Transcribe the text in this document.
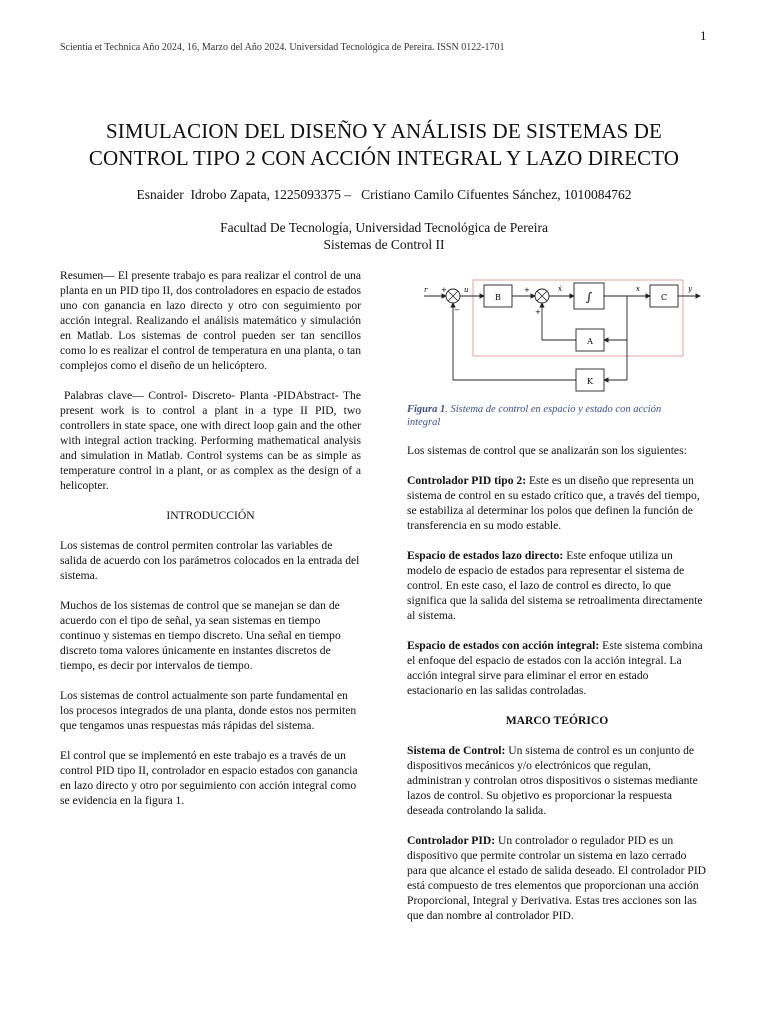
1
Scientia et Technica Año 2024, 16, Marzo del Año 2024. Universidad Tecnológica de Pereira. ISSN 0122-1701
SIMULACION DEL DISEÑO Y ANÁLISIS DE SISTEMAS DE
CONTROL TIPO 2 CON ACCIÓN INTEGRAL Y LAZO DIRECTO
Esnaider  Idrobo Zapata, 1225093375 –   Cristiano Camilo Cifuentes Sánchez, 1010084762
Facultad De Tecnología, Universidad Tecnológica de Pereira
Sistemas de Control II

Resumen— El presente trabajo es para realizar el control de una planta en un PID tipo II, dos controladores en espacio de estados uno con ganancia en lazo directo y otro con seguimiento por acción integral. Realizando el análisis matemático y simulación en Matlab. Los sistemas de control pueden ser tan sencillos como lo es realizar el control de temperatura en una planta, o tan complejos como el diseño de un helicóptero.

Palabras clave— Control- Discreto- Planta -PIDAbstract- The present work is to control a plant in a type II PID, two controllers in state space, one with direct loop gain and the other with integral action tracking. Performing mathematical analysis and simulation in Matlab. Control systems can be as simple as temperature control in a plant, or as complex as the design of a helicopter.

INTRODUCCIÓN

Los sistemas de control permiten controlar las variables de salida de acuerdo con los parámetros colocados en la entrada del sistema.

Muchos de los sistemas de control que se manejan se dan de acuerdo con el tipo de señal, ya sean sistemas en tiempo continuo y sistemas en tiempo discreto. Una señal en tiempo discreto toma valores únicamente en instantes discretos de tiempo, es decir por intervalos de tiempo.

Los sistemas de control actualmente son parte fundamental en los procesos integrados de una planta, donde estos nos permiten que tengamos unas respuestas más rápidas del sistema.

El control que se implementó en este trabajo es a través de un control PID tipo II, controlador en espacio estados con ganancia en lazo directo y otro por seguimiento con acción integral como se evidencia en la figura 1.

r +
−
u
B
+
+
ẋ
∫
x
C
y
A
K
Figura 1. Sistema de control en espacio y estado con acción integral

Los sistemas de control que se analizarán son los siguientes:

Controlador PID tipo 2: Este es un diseño que representa un sistema de control en su estado crítico que, a través del tiempo, se estabiliza al determinar los polos que definen la función de transferencia en su modo estable.

Espacio de estados lazo directo: Este enfoque utiliza un modelo de espacio de estados para representar el sistema de control. En este caso, el lazo de control es directo, lo que significa que la salida del sistema se retroalimenta directamente al sistema.

Espacio de estados con acción integral: Este sistema combina el enfoque del espacio de estados con la acción integral. La acción integral sirve para eliminar el error en estado estacionario en las salidas controladas.

MARCO TEÓRICO

Sistema de Control: Un sistema de control es un conjunto de dispositivos mecánicos y/o electrónicos que regulan, administran y controlan otros dispositivos o sistemas mediante lazos de control. Su objetivo es proporcionar la respuesta deseada controlando la salida.

Controlador PID: Un controlador o regulador PID es un dispositivo que permite controlar un sistema en lazo cerrado para que alcance el estado de salida deseado. El controlador PID está compuesto de tres elementos que proporcionan una acción Proporcional, Integral y Derivativa. Estas tres acciones son las que dan nombre al controlador PID.
